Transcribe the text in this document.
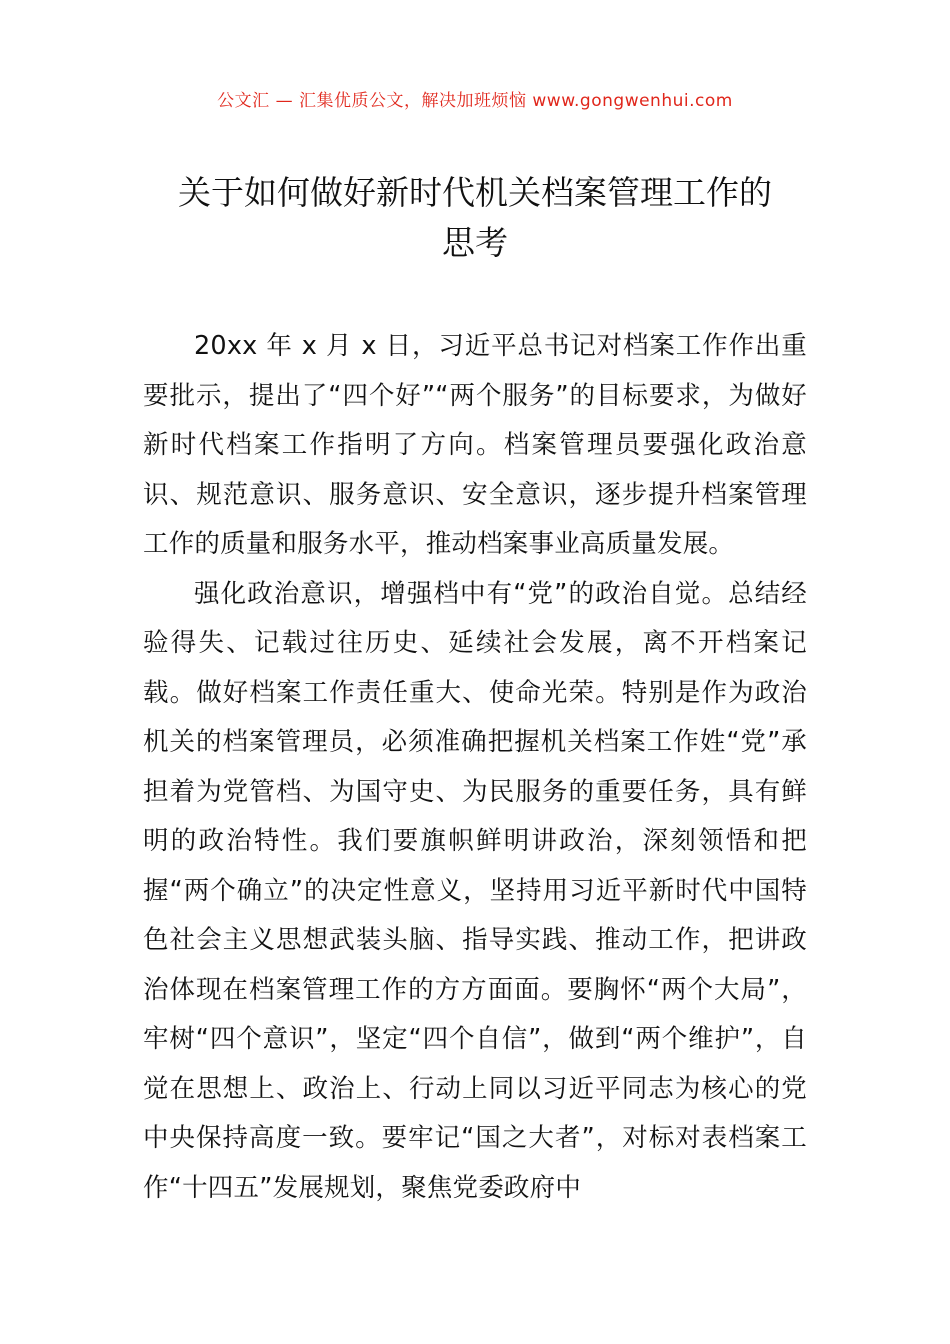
公文汇 — 汇集优质公文，解决加班烦恼 www.gongwenhui.com
关于如何做好新时代机关档案管理工作的
思考

20xx 年 x 月 x 日，习近平总书记对档案工作作出重要批示，提出了“四个好”“两个服务”的目标要求，为做好新时代档案工作指明了方向。档案管理员要强化政治意识、规范意识、服务意识、安全意识，逐步提升档案管理工作的质量和服务水平，推动档案事业高质量发展。

强化政治意识，增强档中有“党”的政治自觉。总结经验得失、记载过往历史、延续社会发展，离不开档案记载。做好档案工作责任重大、使命光荣。特别是作为政治机关的档案管理员，必须准确把握机关档案工作姓“党”承担着为党管档、为国守史、为民服务的重要任务，具有鲜明的政治特性。我们要旗帜鲜明讲政治，深刻领悟和把握“两个确立”的决定性意义，坚持用习近平新时代中国特色社会主义思想武装头脑、指导实践、推动工作，把讲政治体现在档案管理工作的方方面面。要胸怀“两个大局”，牢树“四个意识”，坚定“四个自信”，做到“两个维护”，自觉在思想上、政治上、行动上同以习近平同志为核心的党中央保持高度一致。要牢记“国之大者”，对标对表档案工作“十四五”发展规划，聚焦党委政府中
